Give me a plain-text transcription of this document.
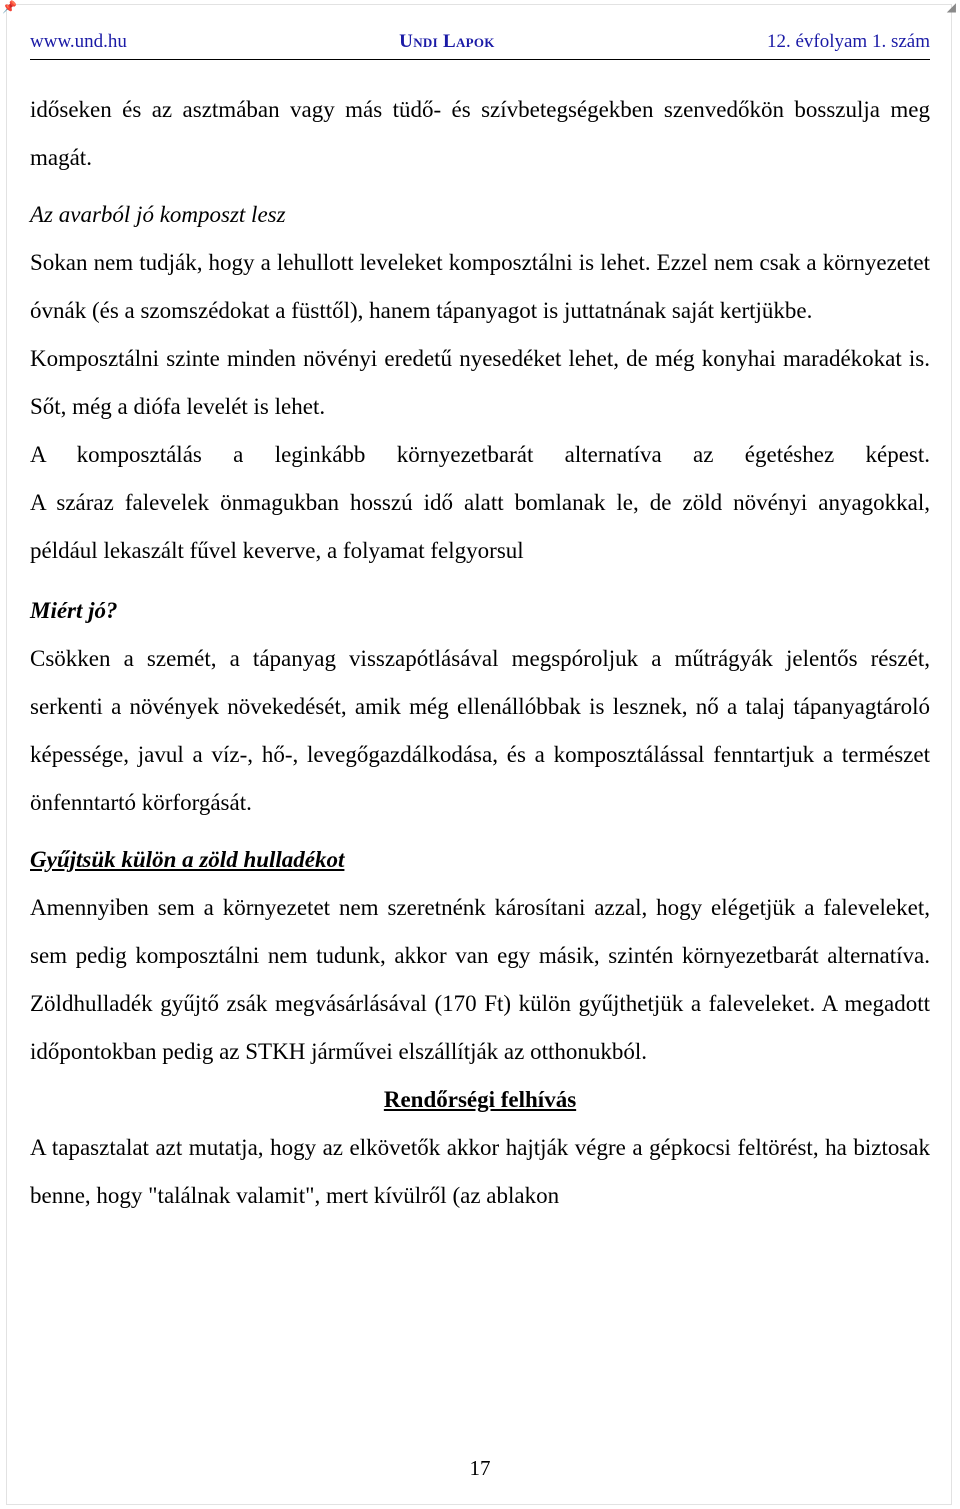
📌	◢
www.und.hu	Undi Lapok	12. évfolyam 1. szám

időseken és az asztmában vagy más tüdő- és szívbetegségekben szenvedőkön bosszulja meg magát.

Az avarból jó komposzt lesz

Sokan nem tudják, hogy a lehullott leveleket komposztálni is lehet. Ezzel nem csak a környezetet óvnák (és a szomszédokat a füsttől), hanem tápanyagot is juttatnának saját kertjükbe.

Komposztálni szinte minden növényi eredetű nyesedéket lehet, de még konyhai maradékokat is. Sőt, még a diófa levelét is lehet.

A komposztálás a leginkább környezetbarát alternatíva az égetéshez képest.

A száraz falevelek önmagukban hosszú idő alatt bomlanak le, de zöld növényi anyagokkal, például lekaszált fűvel keverve, a folyamat felgyorsul

Miért jó?

Csökken a szemét, a tápanyag visszapótlásával megspóroljuk a műtrágyák jelentős részét, serkenti a növények növekedését, amik még ellenállóbbak is lesznek, nő a talaj tápanyagtároló képessége, javul a víz-, hő-, levegőgazdálkodása, és a komposztálással fenntartjuk a természet önfenntartó körforgását.

Gyűjtsük külön a zöld hulladékot

Amennyiben sem a környezetet nem szeretnénk károsítani azzal, hogy elégetjük a faleveleket, sem pedig komposztálni nem tudunk, akkor van egy másik, szintén környezetbarát alternatíva. Zöldhulladék gyűjtő zsák megvásárlásával (170 Ft) külön gyűjthetjük a faleveleket. A megadott időpontokban pedig az STKH járművei elszállítják az otthonukból.

Rendőrségi felhívás

A tapasztalat azt mutatja, hogy az elkövetők akkor hajtják végre a gépkocsi feltörést, ha biztosak benne, hogy "találnak valamit", mert kívülről (az ablakon

17
